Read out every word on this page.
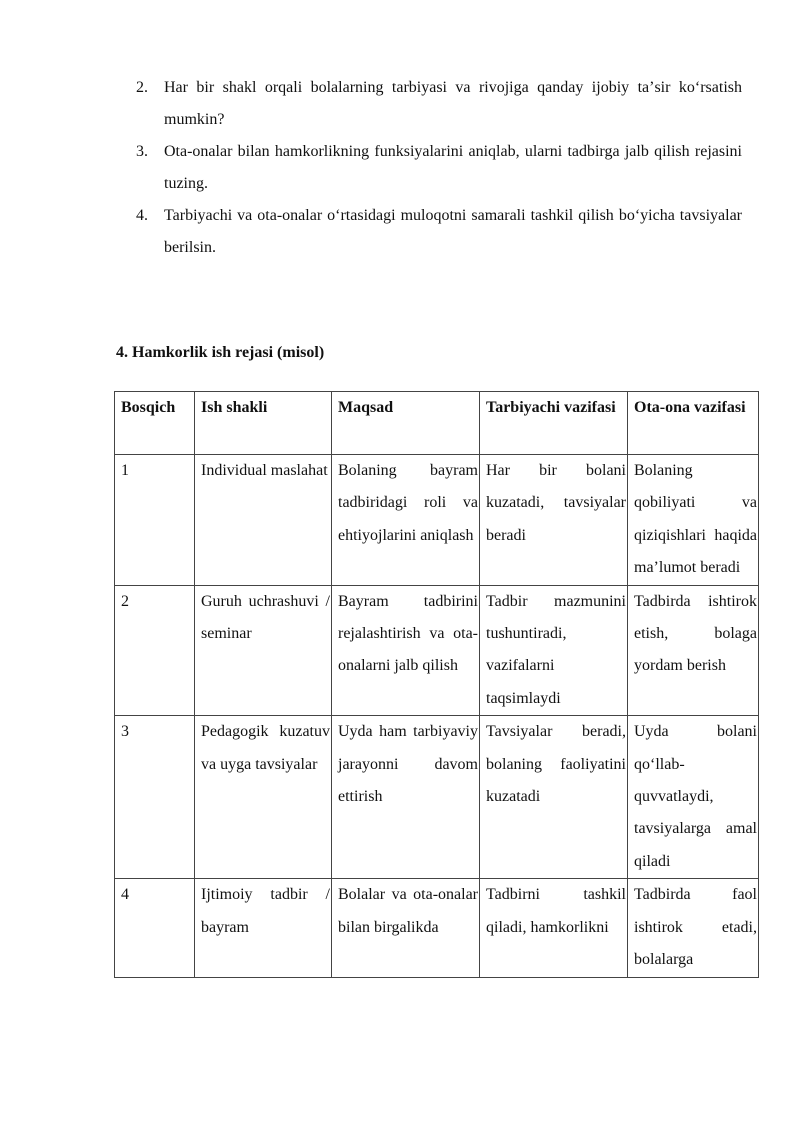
2. Har bir shakl orqali bolalarning tarbiyasi va rivojiga qanday ijobiy taʼsir koʻrsatish mumkin?
3. Ota-onalar bilan hamkorlikning funksiyalarini aniqlab, ularni tadbirga jalb qilish rejasini tuzing.
4. Tarbiyachi va ota-onalar oʻrtasidagi muloqotni samarali tashkil qilish boʻyicha tavsiyalar berilsin.
4. Hamkorlik ish rejasi (misol)
Bosqich	Ish shakli	Maqsad	Tarbiyachi vazifasi	Ota-ona vazifasi
1	Individual maslahat	Bolaning bayram tadbiridagi roli va ehtiyojlarini aniqlash	Har bir bolani kuzatadi, tavsiyalar beradi	Bolaning qobiliyati va qiziqishlari haqida maʼlumot beradi
2	Guruh uchrashuvi / seminar	Bayram tadbirini rejalashtirish va ota-onalarni jalb qilish	Tadbir mazmunini tushuntiradi, vazifalarni taqsimlaydi	Tadbirda ishtirok etish, bolaga yordam berish
3	Pedagogik kuzatuv va uyga tavsiyalar	Uyda ham tarbiyaviy jarayonni davom ettirish	Tavsiyalar beradi, bolaning faoliyatini kuzatadi	Uyda bolani qoʻllab-quvvatlaydi, tavsiyalarga amal qiladi
4	Ijtimoiy tadbir / bayram	Bolalar va ota-onalar bilan birgalikda	Tadbirni tashkil qiladi, hamkorlikni	Tadbirda faol ishtirok etadi, bolalarga
